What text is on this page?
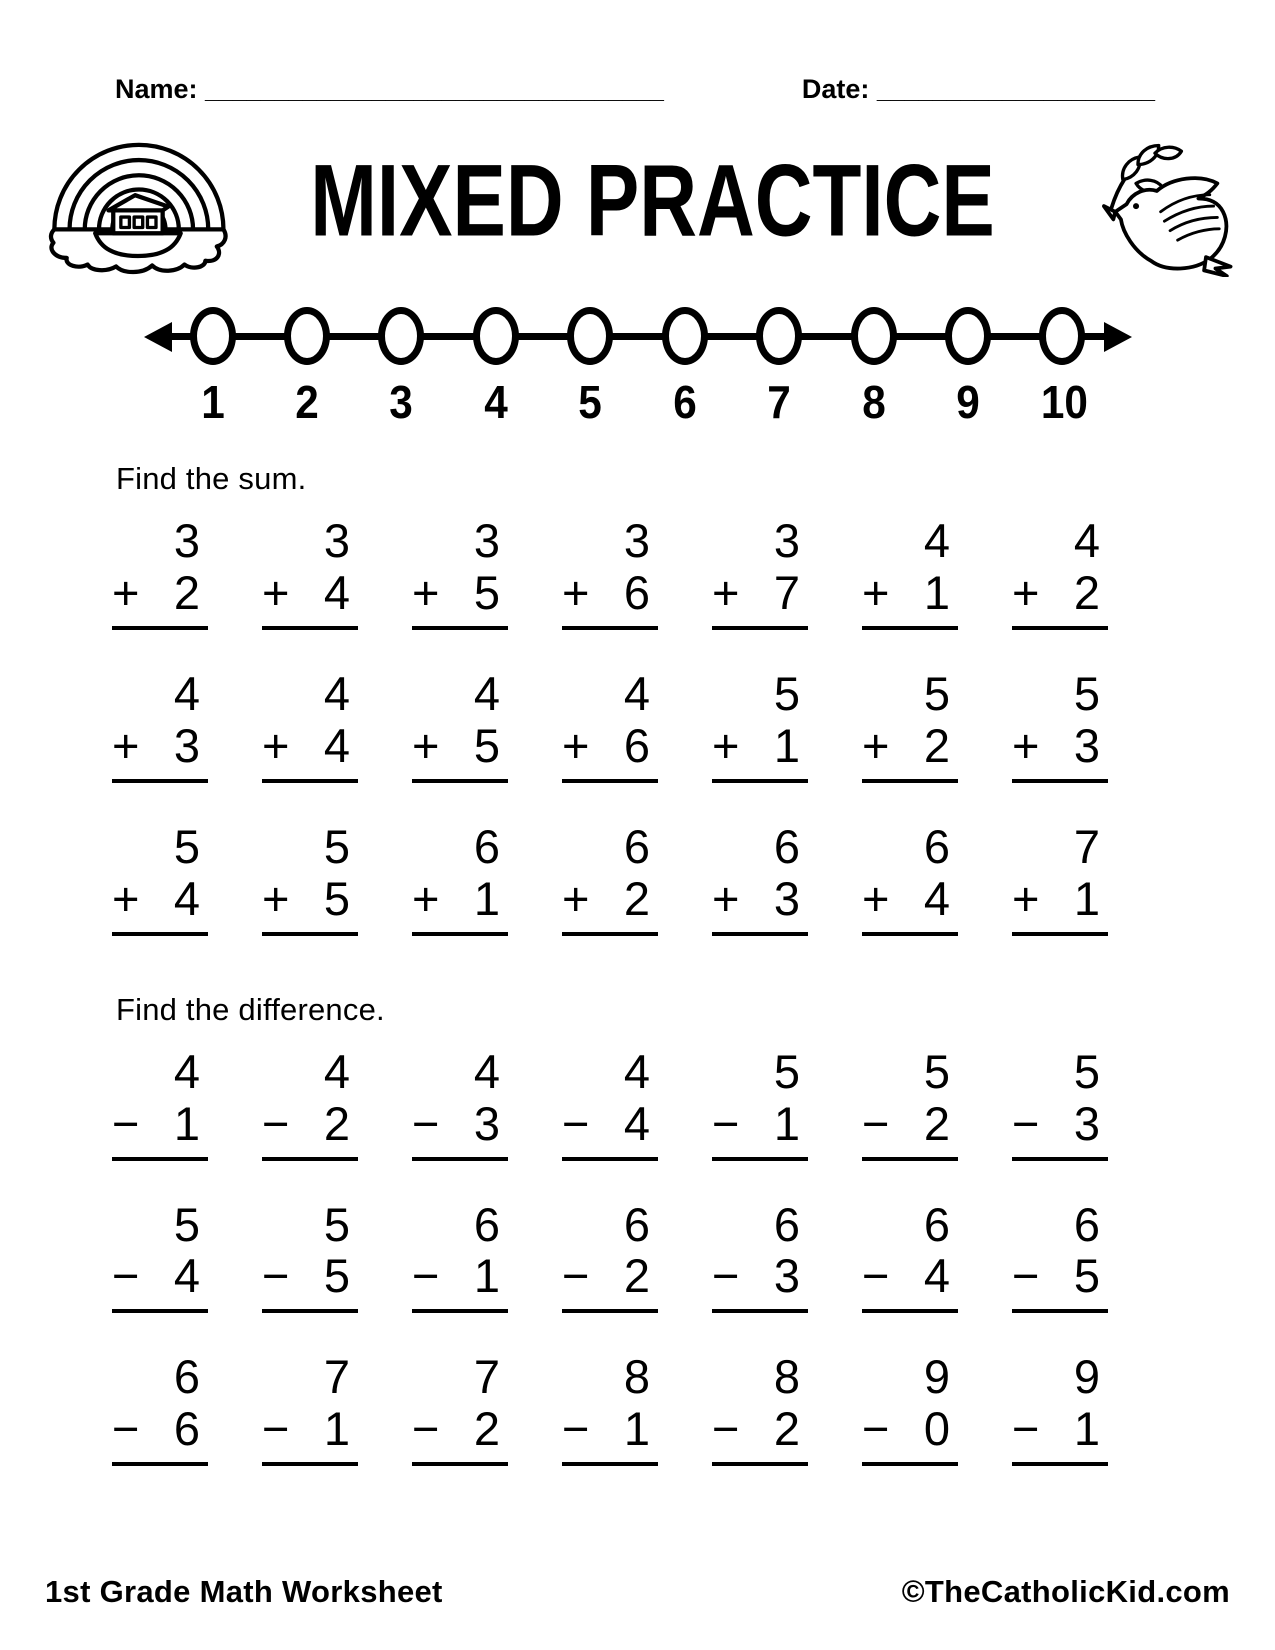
Name: _________________________________	Date: ____________________
MIXED PRACTICE
1 2 3 4 5 6 7 8 9 10
Find the sum.
3
+ 2
3
+ 4
3
+ 5
3
+ 6
3
+ 7
4
+ 1
4
+ 2
4
+ 3
4
+ 4
4
+ 5
4
+ 6
5
+ 1
5
+ 2
5
+ 3
5
+ 4
5
+ 5
6
+ 1
6
+ 2
6
+ 3
6
+ 4
7
+ 1
Find the difference.
4
− 1
4
− 2
4
− 3
4
− 4
5
− 1
5
− 2
5
− 3
5
− 4
5
− 5
6
− 1
6
− 2
6
− 3
6
− 4
6
− 5
6
− 6
7
− 1
7
− 2
8
− 1
8
− 2
9
− 0
9
− 1
1st Grade Math Worksheet	©TheCatholicKid.com
